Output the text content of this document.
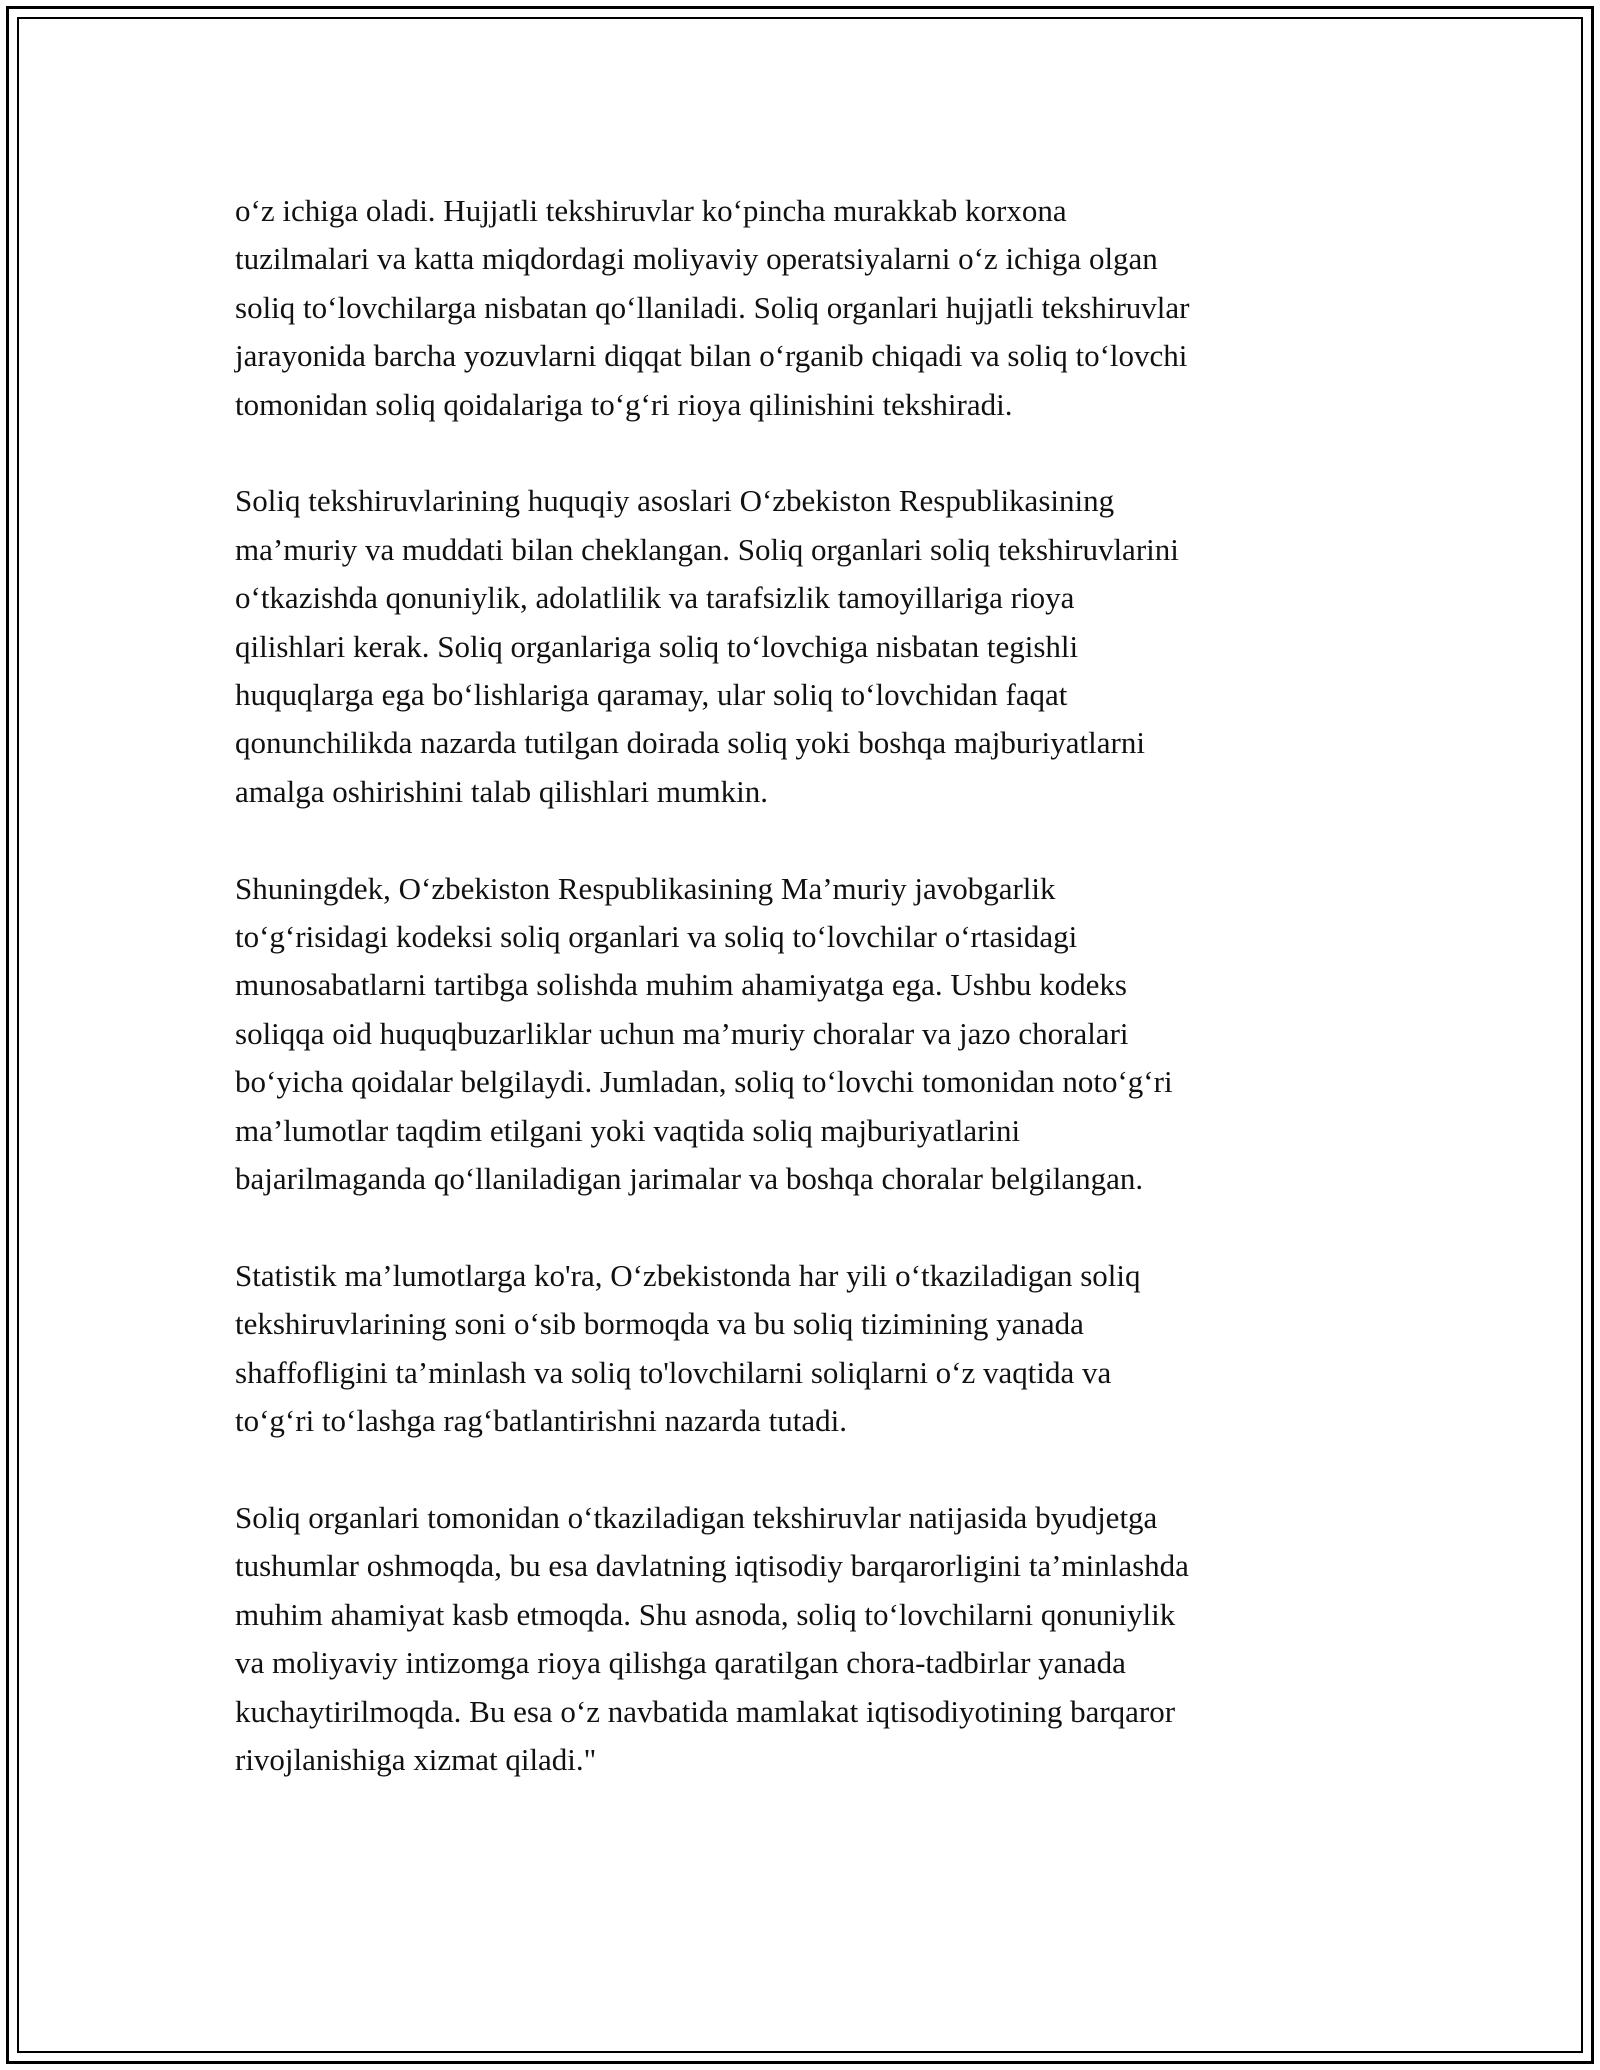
o‘z ichiga oladi. Hujjatli tekshiruvlar ko‘pincha murakkab korxona
tuzilmalari va katta miqdordagi moliyaviy operatsiyalarni o‘z ichiga olgan
soliq to‘lovchilarga nisbatan qo‘llaniladi. Soliq organlari hujjatli tekshiruvlar
jarayonida barcha yozuvlarni diqqat bilan o‘rganib chiqadi va soliq to‘lovchi
tomonidan soliq qoidalariga to‘g‘ri rioya qilinishini tekshiradi.

Soliq tekshiruvlarining huquqiy asoslari O‘zbekiston Respublikasining
ma’muriy va muddati bilan cheklangan. Soliq organlari soliq tekshiruvlarini
o‘tkazishda qonuniylik, adolatlilik va tarafsizlik tamoyillariga rioya
qilishlari kerak. Soliq organlariga soliq to‘lovchiga nisbatan tegishli
huquqlarga ega bo‘lishlariga qaramay, ular soliq to‘lovchidan faqat
qonunchilikda nazarda tutilgan doirada soliq yoki boshqa majburiyatlarni
amalga oshirishini talab qilishlari mumkin.

Shuningdek, O‘zbekiston Respublikasining Ma’muriy javobgarlik
to‘g‘risidagi kodeksi soliq organlari va soliq to‘lovchilar o‘rtasidagi
munosabatlarni tartibga solishda muhim ahamiyatga ega. Ushbu kodeks
soliqqa oid huquqbuzarliklar uchun ma’muriy choralar va jazo choralari
bo‘yicha qoidalar belgilaydi. Jumladan, soliq to‘lovchi tomonidan noto‘g‘ri
ma’lumotlar taqdim etilgani yoki vaqtida soliq majburiyatlarini
bajarilmaganda qo‘llaniladigan jarimalar va boshqa choralar belgilangan.

Statistik ma’lumotlarga ko'ra, O‘zbekistonda har yili o‘tkaziladigan soliq
tekshiruvlarining soni o‘sib bormoqda va bu soliq tizimining yanada
shaffofligini ta’minlash va soliq to'lovchilarni soliqlarni o‘z vaqtida va
to‘g‘ri to‘lashga rag‘batlantirishni nazarda tutadi.

Soliq organlari tomonidan o‘tkaziladigan tekshiruvlar natijasida byudjetga
tushumlar oshmoqda, bu esa davlatning iqtisodiy barqarorligini ta’minlashda
muhim ahamiyat kasb etmoqda. Shu asnoda, soliq to‘lovchilarni qonuniylik
va moliyaviy intizomga rioya qilishga qaratilgan chora-tadbirlar yanada
kuchaytirilmoqda. Bu esa o‘z navbatida mamlakat iqtisodiyotining barqaror
rivojlanishiga xizmat qiladi."
